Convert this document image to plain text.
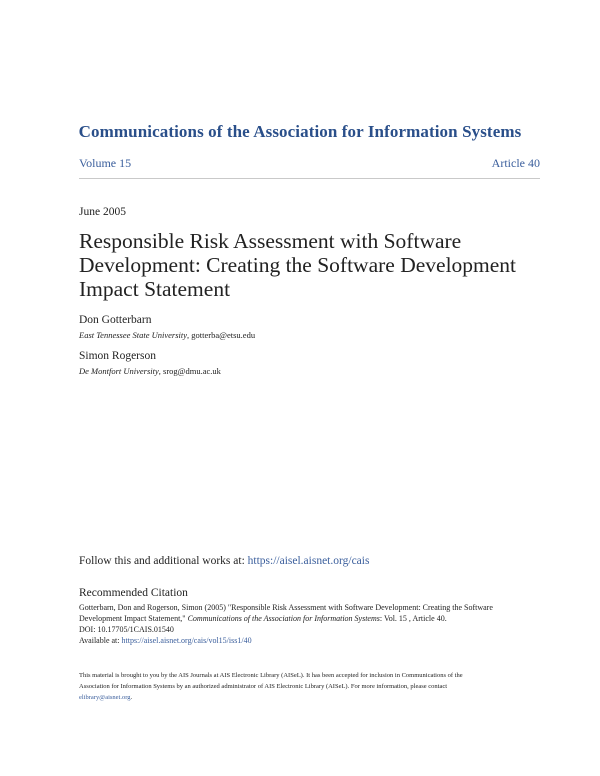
Communications of the Association for Information Systems
Volume 15	Article 40
June 2005
Responsible Risk Assessment with Software Development: Creating the Software Development Impact Statement
Don Gotterbarn
East Tennessee State University, gotterba@etsu.edu
Simon Rogerson
De Montfort University, srog@dmu.ac.uk
Follow this and additional works at: https://aisel.aisnet.org/cais
Recommended Citation
Gotterbarn, Don and Rogerson, Simon (2005) "Responsible Risk Assessment with Software Development: Creating the Software
Development Impact Statement," Communications of the Association for Information Systems: Vol. 15 , Article 40.
DOI: 10.17705/1CAIS.01540
Available at: https://aisel.aisnet.org/cais/vol15/iss1/40
This material is brought to you by the AIS Journals at AIS Electronic Library (AISeL). It has been accepted for inclusion in Communications of the
Association for Information Systems by an authorized administrator of AIS Electronic Library (AISeL). For more information, please contact
elibrary@aisnet.org.
